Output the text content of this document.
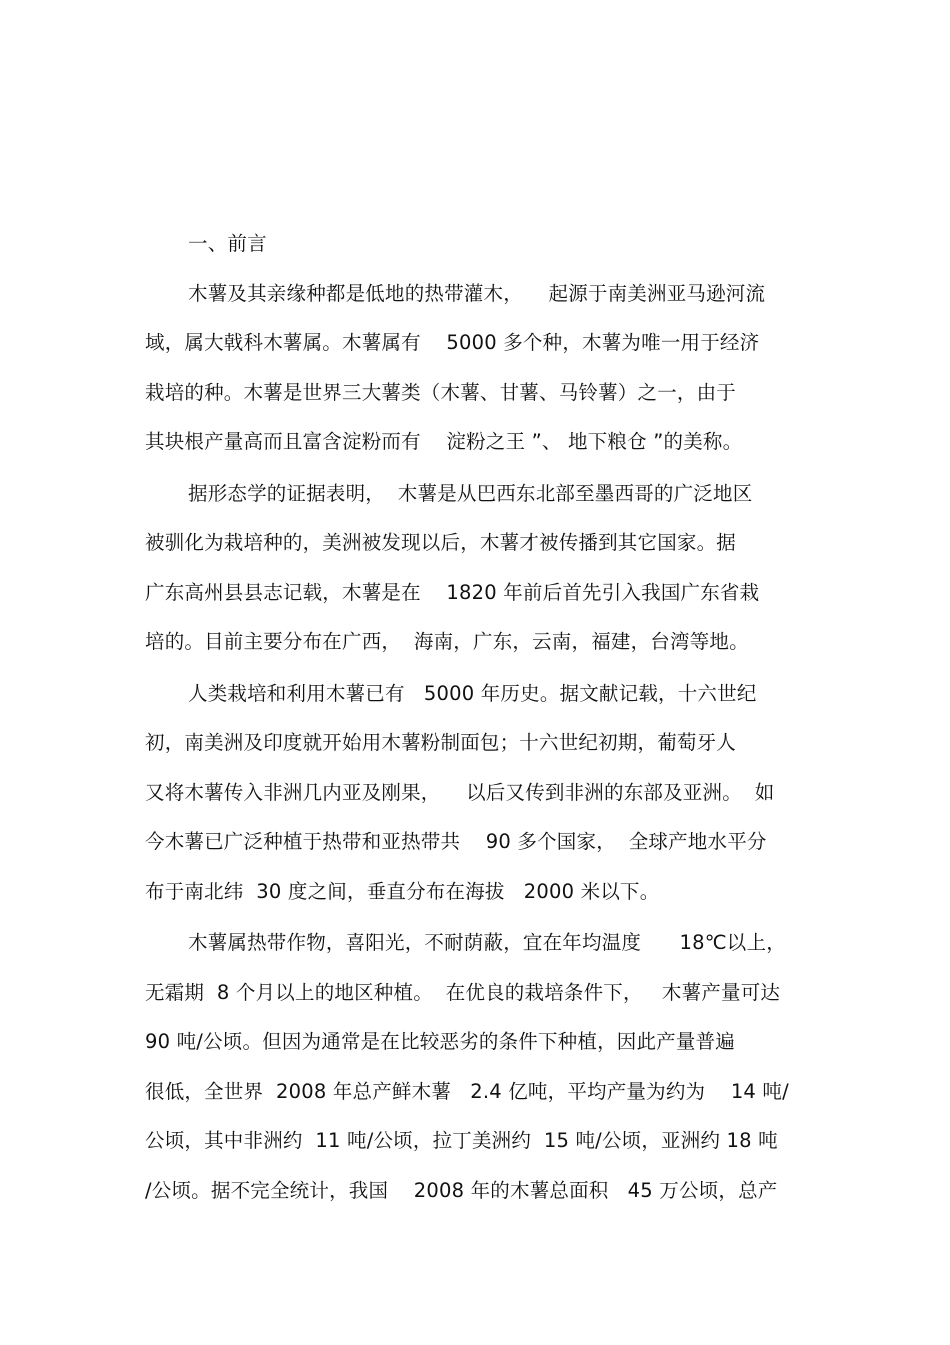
一、前言
木薯及其亲缘种都是低地的热带灌木，    起源于南美洲亚马逊河流
域，属大戟科木薯属。木薯属有    5000 多个种，木薯为唯一用于经济
栽培的种。木薯是世界三大薯类（木薯、甘薯、马铃薯）之一，由于
其块根产量高而且富含淀粉而有    淀粉之王 ”、 地下粮仓 ”的美称。
据形态学的证据表明，  木薯是从巴西东北部至墨西哥的广泛地区
被驯化为栽培种的，美洲被发现以后，木薯才被传播到其它国家。据
广东高州县县志记载，木薯是在    1820 年前后首先引入我国广东省栽
培的。目前主要分布在广西，  海南，广东，云南，福建，台湾等地。
人类栽培和利用木薯已有   5000 年历史。据文献记载，十六世纪
初，南美洲及印度就开始用木薯粉制面包；十六世纪初期，葡萄牙人
又将木薯传入非洲几内亚及刚果，    以后又传到非洲的东部及亚洲。  如
今木薯已广泛种植于热带和亚热带共    90 多个国家，  全球产地水平分
布于南北纬  30 度之间，垂直分布在海拔   2000 米以下。
木薯属热带作物，喜阳光，不耐荫蔽，宜在年均温度      18℃以上，
无霜期  8 个月以上的地区种植。  在优良的栽培条件下，   木薯产量可达
90 吨/公顷。但因为通常是在比较恶劣的条件下种植，因此产量普遍
很低，全世界  2008 年总产鲜木薯   2.4 亿吨，平均产量为约为    14 吨/
公顷，其中非洲约  11 吨/公顷，拉丁美洲约  15 吨/公顷，亚洲约 18 吨
/公顷。据不完全统计，我国    2008 年的木薯总面积   45 万公顷，总产
